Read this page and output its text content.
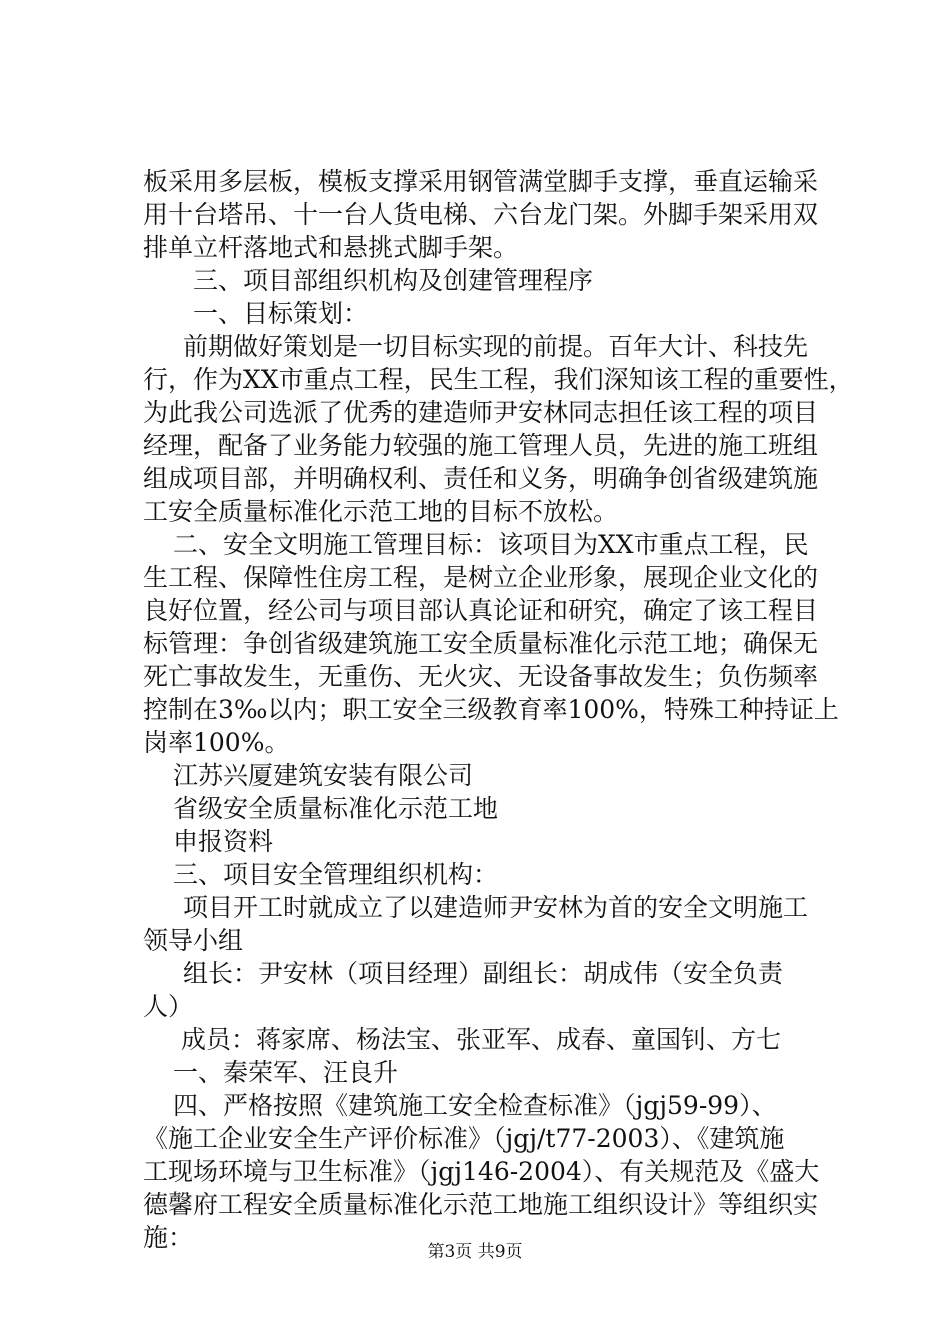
板采用多层板，模板支撑采用钢管满堂脚手支撑，垂直运输采
用十台塔吊、十一台人货电梯、六台龙门架。外脚手架采用双
排单立杆落地式和悬挑式脚手架。
三、项目部组织机构及创建管理程序
一、目标策划：
前期做好策划是一切目标实现的前提。百年大计、科技先
行，作为XX市重点工程，民生工程，我们深知该工程的重要性，
为此我公司选派了优秀的建造师尹安林同志担任该工程的项目
经理，配备了业务能力较强的施工管理人员，先进的施工班组
组成项目部，并明确权利、责任和义务，明确争创省级建筑施
工安全质量标准化示范工地的目标不放松。
二、安全文明施工管理目标：该项目为XX市重点工程，民
生工程、保障性住房工程，是树立企业形象，展现企业文化的
良好位置，经公司与项目部认真论证和研究，确定了该工程目
标管理：争创省级建筑施工安全质量标准化示范工地；确保无
死亡事故发生，无重伤、无火灾、无设备事故发生；负伤频率
控制在3‰以内；职工安全三级教育率100%，特殊工种持证上
岗率100%。
江苏兴厦建筑安装有限公司
省级安全质量标准化示范工地
申报资料
三、项目安全管理组织机构：
项目开工时就成立了以建造师尹安林为首的安全文明施工
领导小组
组长：尹安林（项目经理）副组长：胡成伟（安全负责
人）
成员：蒋家席、杨法宝、张亚军、成春、童国钊、方七
一、秦荣军、汪良升
四、严格按照《建筑施工安全检查标准》（jgj59-99）、
《施工企业安全生产评价标准》（jgj/t77-2003）、《建筑施
工现场环境与卫生标准》（jgj146-2004）、有关规范及《盛大
德馨府工程安全质量标准化示范工地施工组织设计》等组织实
施：	第3页 共9页
